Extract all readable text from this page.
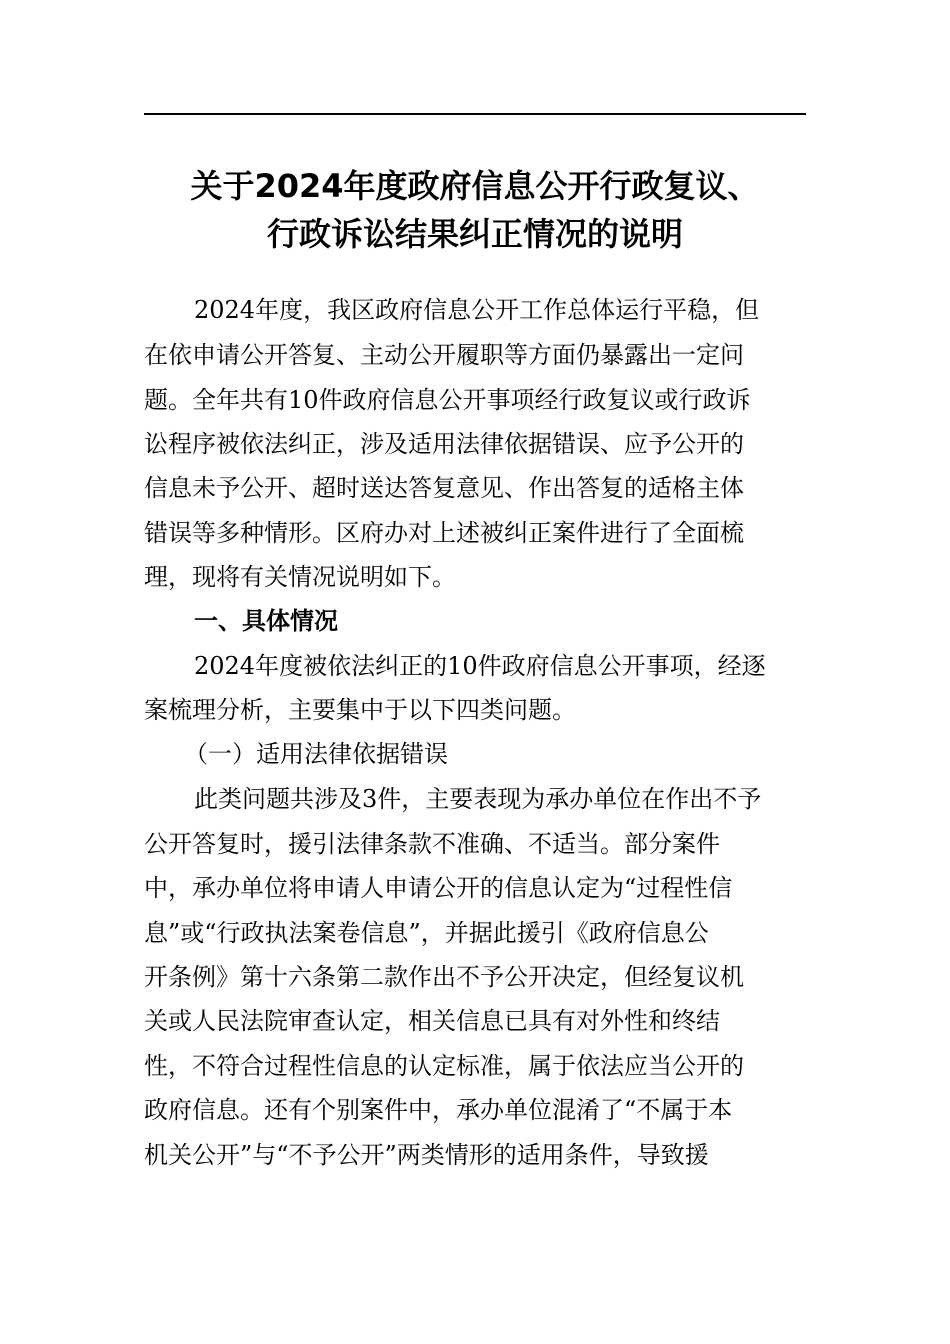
关于2024年度政府信息公开行政复议、
行政诉讼结果纠正情况的说明
2024年度，我区政府信息公开工作总体运行平稳，但
在依申请公开答复、主动公开履职等方面仍暴露出一定问
题。全年共有10件政府信息公开事项经行政复议或行政诉
讼程序被依法纠正，涉及适用法律依据错误、应予公开的
信息未予公开、超时送达答复意见、作出答复的适格主体
错误等多种情形。区府办对上述被纠正案件进行了全面梳
理，现将有关情况说明如下。
一、具体情况
2024年度被依法纠正的10件政府信息公开事项，经逐
案梳理分析，主要集中于以下四类问题。
（一）适用法律依据错误
此类问题共涉及3件，主要表现为承办单位在作出不予
公开答复时，援引法律条款不准确、不适当。部分案件
中，承办单位将申请人申请公开的信息认定为“过程性信
息”或“行政执法案卷信息”，并据此援引《政府信息公
开条例》第十六条第二款作出不予公开决定，但经复议机
关或人民法院审查认定，相关信息已具有对外性和终结
性，不符合过程性信息的认定标准，属于依法应当公开的
政府信息。还有个别案件中，承办单位混淆了“不属于本
机关公开”与“不予公开”两类情形的适用条件，导致援
